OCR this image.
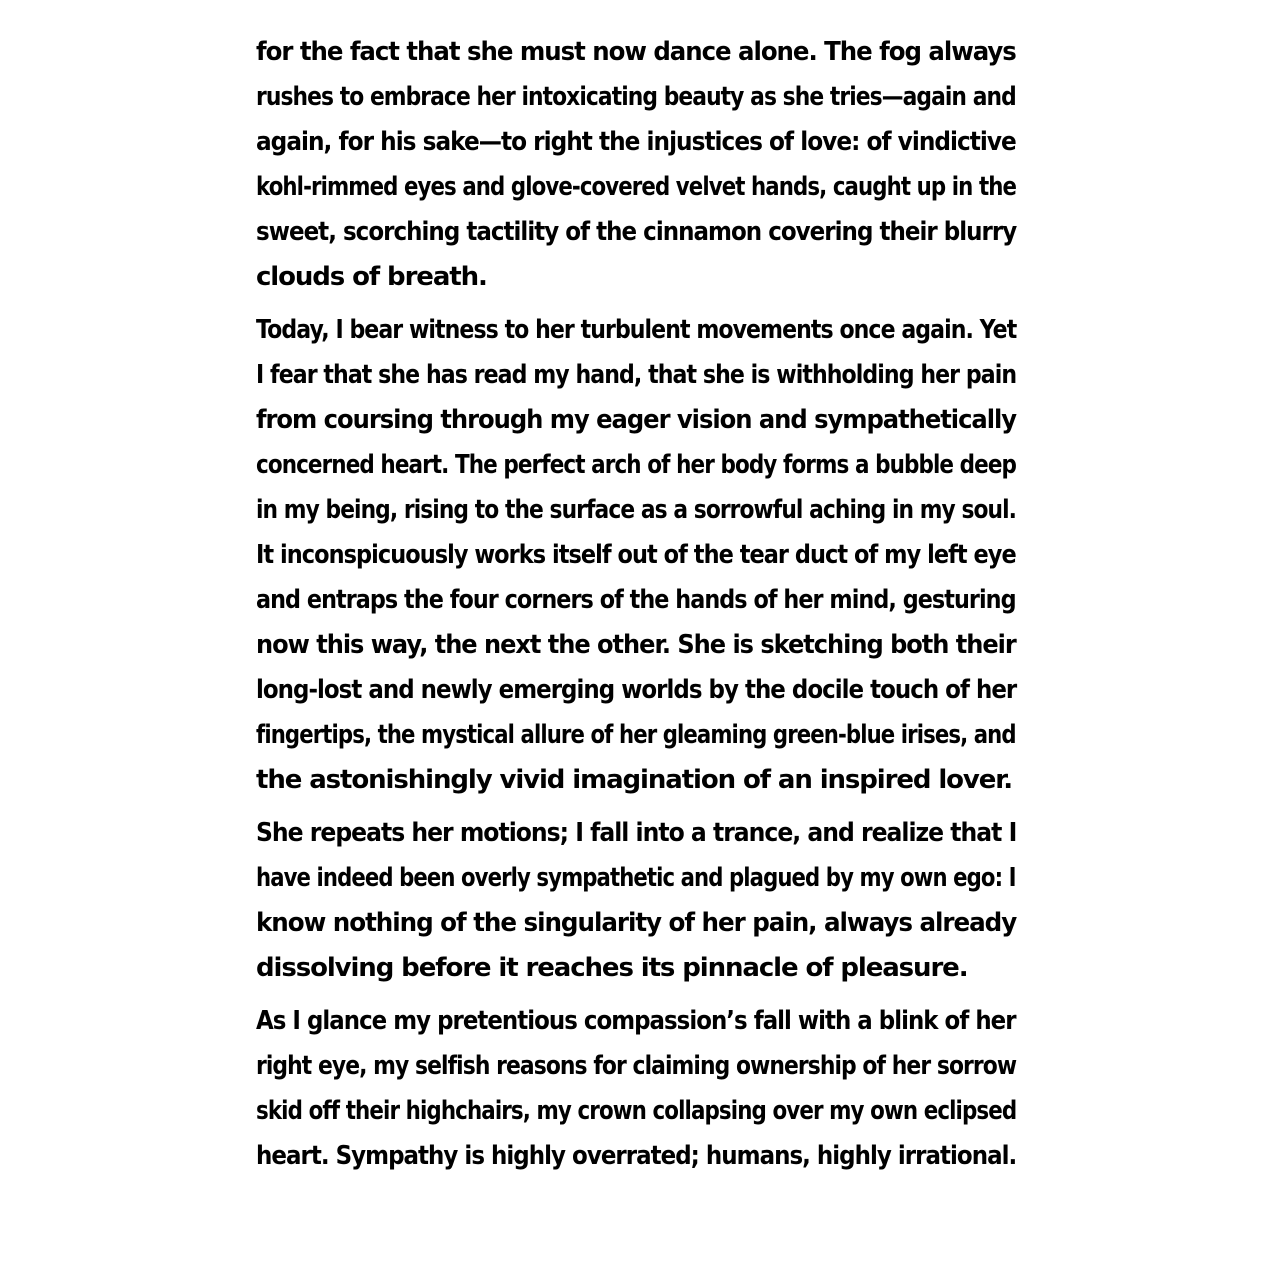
for the fact that she must now dance alone. The fog always
rushes to embrace her intoxicating beauty as she tries—again and
again, for his sake—to right the injustices of love: of vindictive
kohl-rimmed eyes and glove-covered velvet hands, caught up in the
sweet, scorching tactility of the cinnamon covering their blurry
clouds of breath.
Today, I bear witness to her turbulent movements once again. Yet
I fear that she has read my hand, that she is withholding her pain
from coursing through my eager vision and sympathetically
concerned heart. The perfect arch of her body forms a bubble deep
in my being, rising to the surface as a sorrowful aching in my soul.
It inconspicuously works itself out of the tear duct of my left eye
and entraps the four corners of the hands of her mind, gesturing
now this way, the next the other. She is sketching both their
long-lost and newly emerging worlds by the docile touch of her
fingertips, the mystical allure of her gleaming green-blue irises, and
the astonishingly vivid imagination of an inspired lover.
She repeats her motions; I fall into a trance, and realize that I
have indeed been overly sympathetic and plagued by my own ego: I
know nothing of the singularity of her pain, always already
dissolving before it reaches its pinnacle of pleasure.
As I glance my pretentious compassion’s fall with a blink of her
right eye, my selfish reasons for claiming ownership of her sorrow
skid off their highchairs, my crown collapsing over my own eclipsed
heart. Sympathy is highly overrated; humans, highly irrational.
